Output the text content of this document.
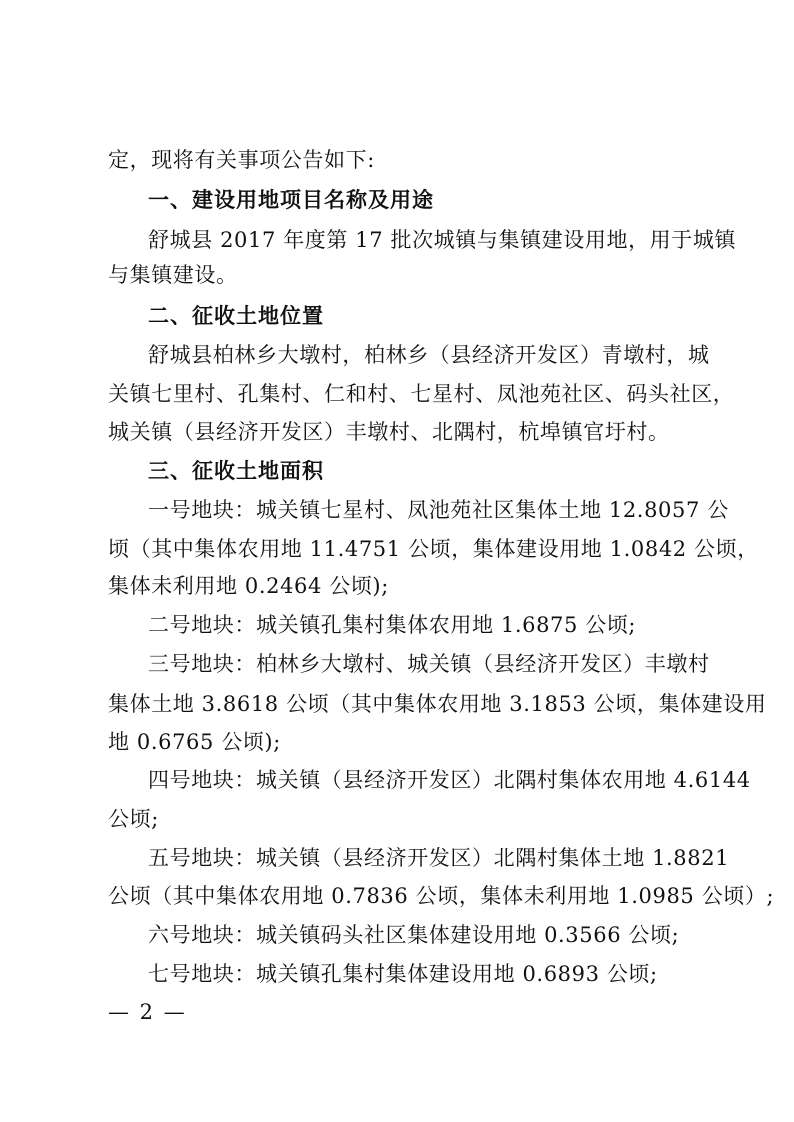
定，现将有关事项公告如下:
一、建设用地项目名称及用途
舒城县 2017 年度第 17 批次城镇与集镇建设用地，用于城镇
与集镇建设。
二、征收土地位置
舒城县柏林乡大墩村，柏林乡（县经济开发区）青墩村，城
关镇七里村、孔集村、仁和村、七星村、凤池苑社区、码头社区，
城关镇（县经济开发区）丰墩村、北隅村，杭埠镇官圩村。
三、征收土地面积
一号地块：城关镇七星村、凤池苑社区集体土地 12.8057 公
顷（其中集体农用地 11.4751 公顷，集体建设用地 1.0842 公顷，
集体未利用地 0.2464 公顷);
二号地块：城关镇孔集村集体农用地 1.6875 公顷;
三号地块：柏林乡大墩村、城关镇（县经济开发区）丰墩村
集体土地 3.8618 公顷（其中集体农用地 3.1853 公顷，集体建设用
地 0.6765 公顷);
四号地块：城关镇（县经济开发区）北隅村集体农用地 4.6144
公顷;
五号地块：城关镇（县经济开发区）北隅村集体土地 1.8821
公顷（其中集体农用地 0.7836 公顷，集体未利用地 1.0985 公顷）;
六号地块：城关镇码头社区集体建设用地 0.3566 公顷;
七号地块：城关镇孔集村集体建设用地 0.6893 公顷;
— 2 —
